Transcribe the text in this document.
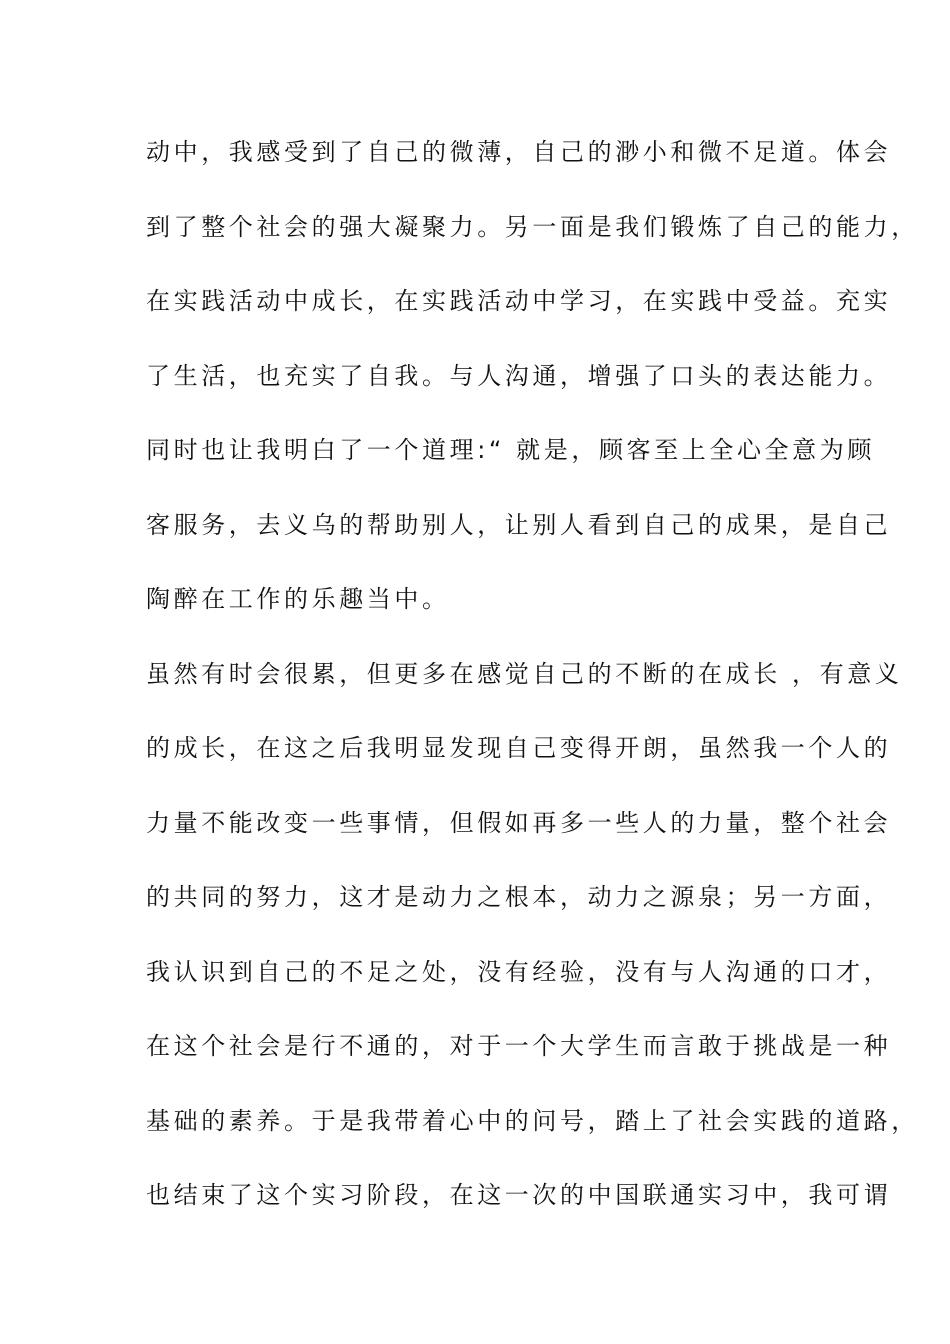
动中，我感受到了自己的微薄，自己的渺小和微不足道。体会
到了整个社会的强大凝聚力。另一面是我们锻炼了自己的能力，
在实践活动中成长，在实践活动中学习，在实践中受益。充实
了生活，也充实了自我。与人沟通，增强了口头的表达能力。
同时也让我明白了一个道理:“ 就是，顾客至上全心全意为顾
客服务，去义乌的帮助别人，让别人看到自己的成果，是自己
陶醉在工作的乐趣当中。
虽然有时会很累，但更多在感觉自己的不断的在成长 ，有意义
的成长，在这之后我明显发现自己变得开朗，虽然我一个人的
力量不能改变一些事情，但假如再多一些人的力量，整个社会
的共同的努力，这才是动力之根本，动力之源泉；另一方面，
我认识到自己的不足之处，没有经验，没有与人沟通的口才，
在这个社会是行不通的，对于一个大学生而言敢于挑战是一种
基础的素养。于是我带着心中的问号，踏上了社会实践的道路，
也结束了这个实习阶段，在这一次的中国联通实习中，我可谓
